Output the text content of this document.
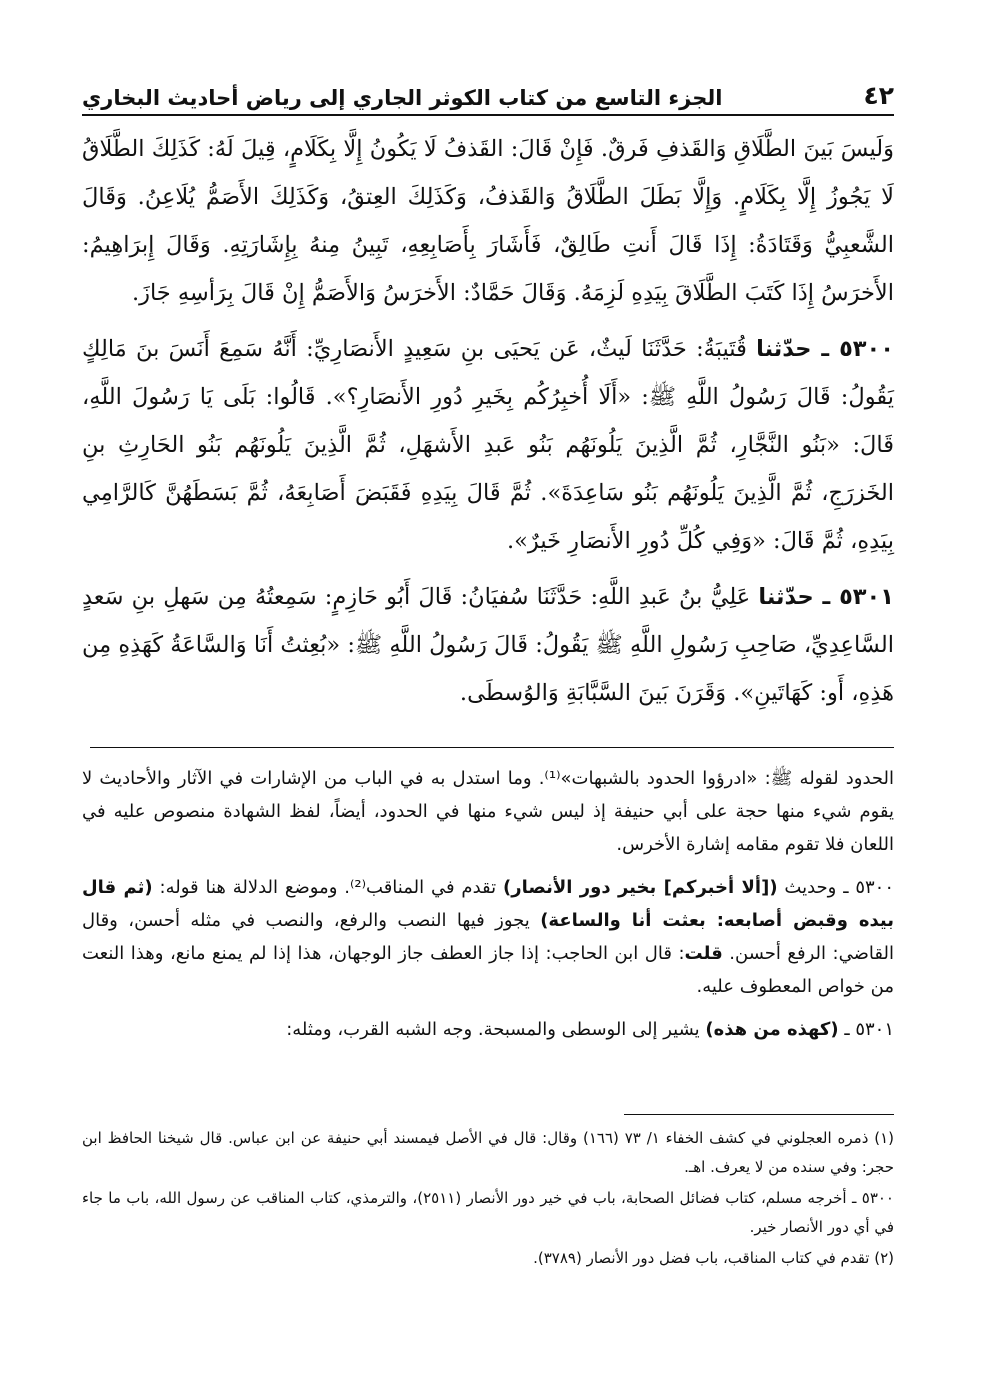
٤٢
الجزء التاسع من كتاب الكوثر الجاري إلى رياض أحاديث البخاري

وَلَيسَ بَينَ الطَّلَاقِ وَالقَذفِ فَرقٌ. فَإِنْ قَالَ: القَذفُ لَا يَكُونُ إِلَّا بِكَلَامٍ، قِيلَ لَهُ: كَذَلِكَ الطَّلَاقُ لَا يَجُوزُ إِلَّا بِكَلَامٍ. وَإِلَّا بَطَلَ الطَّلَاقُ وَالقَذفُ، وَكَذَلِكَ العِتقُ، وَكَذَلِكَ الأَصَمُّ يُلَاعِنُ. وَقَالَ الشَّعبِيُّ وَقَتَادَةُ: إِذَا قَالَ أَنتِ طَالِقٌ، فَأَشَارَ بِأَصَابِعِهِ، تَبِينُ مِنهُ بِإِشَارَتِهِ. وَقَالَ إِبرَاهِيمُ: الأَخرَسُ إِذَا كَتَبَ الطَّلَاقَ بِيَدِهِ لَزِمَهُ. وَقَالَ حَمَّادٌ: الأَخرَسُ وَالأَصَمُّ إِنْ قَالَ بِرَأسِهِ جَازَ.

٥٣٠٠ ـ حدّثنا قُتَيبَةُ: حَدَّثَنَا لَيثٌ، عَن يَحيَى بنِ سَعِيدٍ الأَنصَارِيِّ: أَنَّهُ سَمِعَ أَنَسَ بنَ مَالِكٍ يَقُولُ: قَالَ رَسُولُ اللَّهِ ﷺ: «أَلَا أُخبِرُكُم بِخَيرِ دُورِ الأَنصَارِ؟». قَالُوا: بَلَى يَا رَسُولَ اللَّهِ، قَالَ: «بَنُو النَّجَّارِ، ثُمَّ الَّذِينَ يَلُونَهُم بَنُو عَبدِ الأَشهَلِ، ثُمَّ الَّذِينَ يَلُونَهُم بَنُو الحَارِثِ بنِ الخَزرَجِ، ثُمَّ الَّذِينَ يَلُونَهُم بَنُو سَاعِدَةَ». ثُمَّ قَالَ بِيَدِهِ فَقَبَضَ أَصَابِعَهُ، ثُمَّ بَسَطَهُنَّ كَالرَّامِي بِيَدِهِ، ثُمَّ قَالَ: «وَفِي كُلِّ دُورِ الأَنصَارِ خَيرٌ».

٥٣٠١ ـ حدّثنا عَلِيُّ بنُ عَبدِ اللَّهِ: حَدَّثَنَا سُفيَانُ: قَالَ أَبُو حَازِمٍ: سَمِعتُهُ مِن سَهلِ بنِ سَعدٍ السَّاعِدِيِّ، صَاحِبِ رَسُولِ اللَّهِ ﷺ يَقُولُ: قَالَ رَسُولُ اللَّهِ ﷺ: «بُعِثتُ أَنَا وَالسَّاعَةُ كَهَذِهِ مِن هَذِهِ، أَو: كَهَاتَينِ». وَقَرَنَ بَينَ السَّبَّابَةِ وَالوُسطَى.

الحدود لقوله ﷺ: «ادرؤوا الحدود بالشبهات»⁽¹⁾. وما استدل به في الباب من الإشارات في الآثار والأحاديث لا يقوم شيء منها حجة على أبي حنيفة إذ ليس شيء منها في الحدود، أيضاً، لفظ الشهادة منصوص عليه في اللعان فلا تقوم مقامه إشارة الأخرس.

٥٣٠٠ ـ وحديث ([ألا أخبركم] بخير دور الأنصار) تقدم في المناقب⁽²⁾. وموضع الدلالة هنا قوله: (ثم قال بيده وقبض أصابعه: بعثت أنا والساعة) يجوز فيها النصب والرفع، والنصب في مثله أحسن، وقال القاضي: الرفع أحسن. قلت: قال ابن الحاجب: إذا جاز العطف جاز الوجهان، هذا إذا لم يمنع مانع، وهذا النعت من خواص المعطوف عليه.

٥٣٠١ ـ (كهذه من هذه) يشير إلى الوسطى والمسبحة. وجه الشبه القرب، ومثله:

(١) ذمره العجلوني في كشف الخفاء ١/ ٧٣ (١٦٦) وقال: قال في الأصل فيمسند أبي حنيفة عن ابن عباس. قال شيخنا الحافظ ابن حجر: وفي سنده من لا يعرف. اهـ.

٥٣٠٠ ـ أخرجه مسلم، كتاب فضائل الصحابة، باب في خير دور الأنصار (٢٥١١)، والترمذي، كتاب المناقب عن رسول الله، باب ما جاء في أي دور الأنصار خير.

(٢) تقدم في كتاب المناقب، باب فضل دور الأنصار (٣٧٨٩).
